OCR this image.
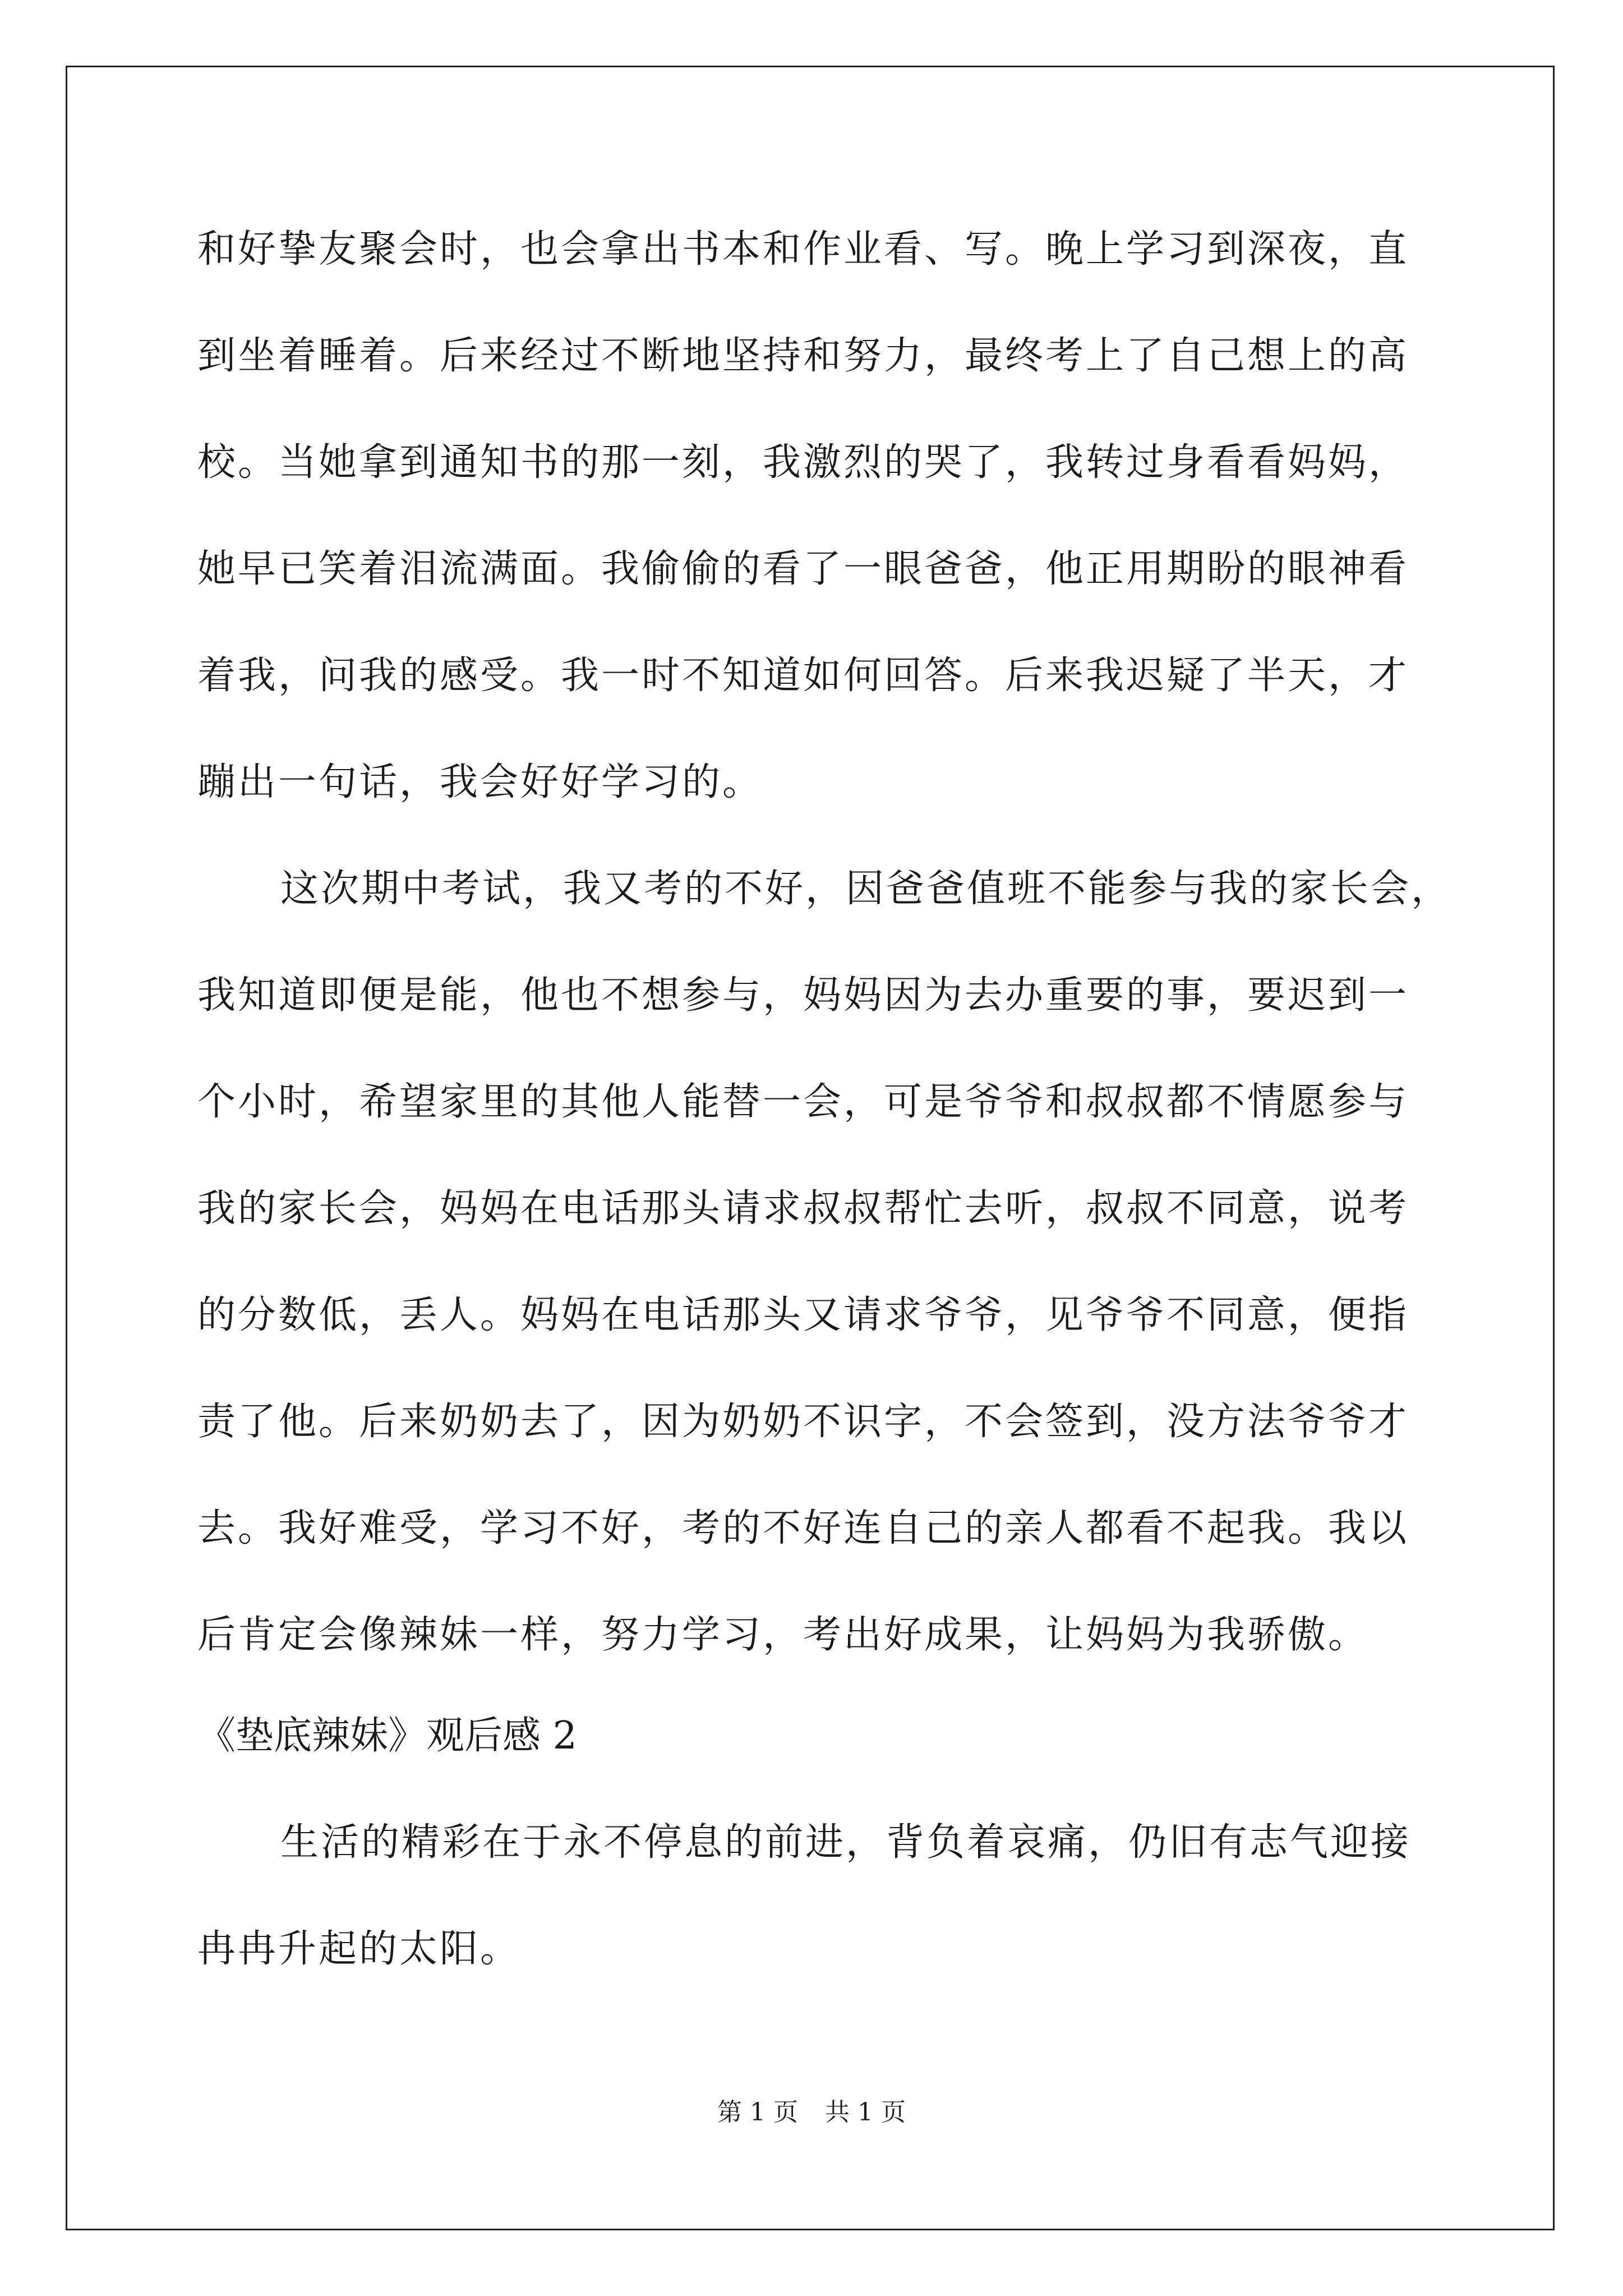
和好挚友聚会时，也会拿出书本和作业看、写。晚上学习到深夜，直
到坐着睡着。后来经过不断地坚持和努力，最终考上了自己想上的高
校。当她拿到通知书的那一刻，我激烈的哭了，我转过身看看妈妈，
她早已笑着泪流满面。我偷偷的看了一眼爸爸，他正用期盼的眼神看
着我，问我的感受。我一时不知道如何回答。后来我迟疑了半天，才
蹦出一句话，我会好好学习的。
这次期中考试，我又考的不好，因爸爸值班不能参与我的家长会，
我知道即便是能，他也不想参与，妈妈因为去办重要的事，要迟到一
个小时，希望家里的其他人能替一会，可是爷爷和叔叔都不情愿参与
我的家长会，妈妈在电话那头请求叔叔帮忙去听，叔叔不同意，说考
的分数低，丢人。妈妈在电话那头又请求爷爷，见爷爷不同意，便指
责了他。后来奶奶去了，因为奶奶不识字，不会签到，没方法爷爷才
去。我好难受，学习不好，考的不好连自己的亲人都看不起我。我以
后肯定会像辣妹一样，努力学习，考出好成果，让妈妈为我骄傲。
《垫底辣妹》观后感 2
生活的精彩在于永不停息的前进，背负着哀痛，仍旧有志气迎接
冉冉升起的太阳。
第 1 页 共 1 页
